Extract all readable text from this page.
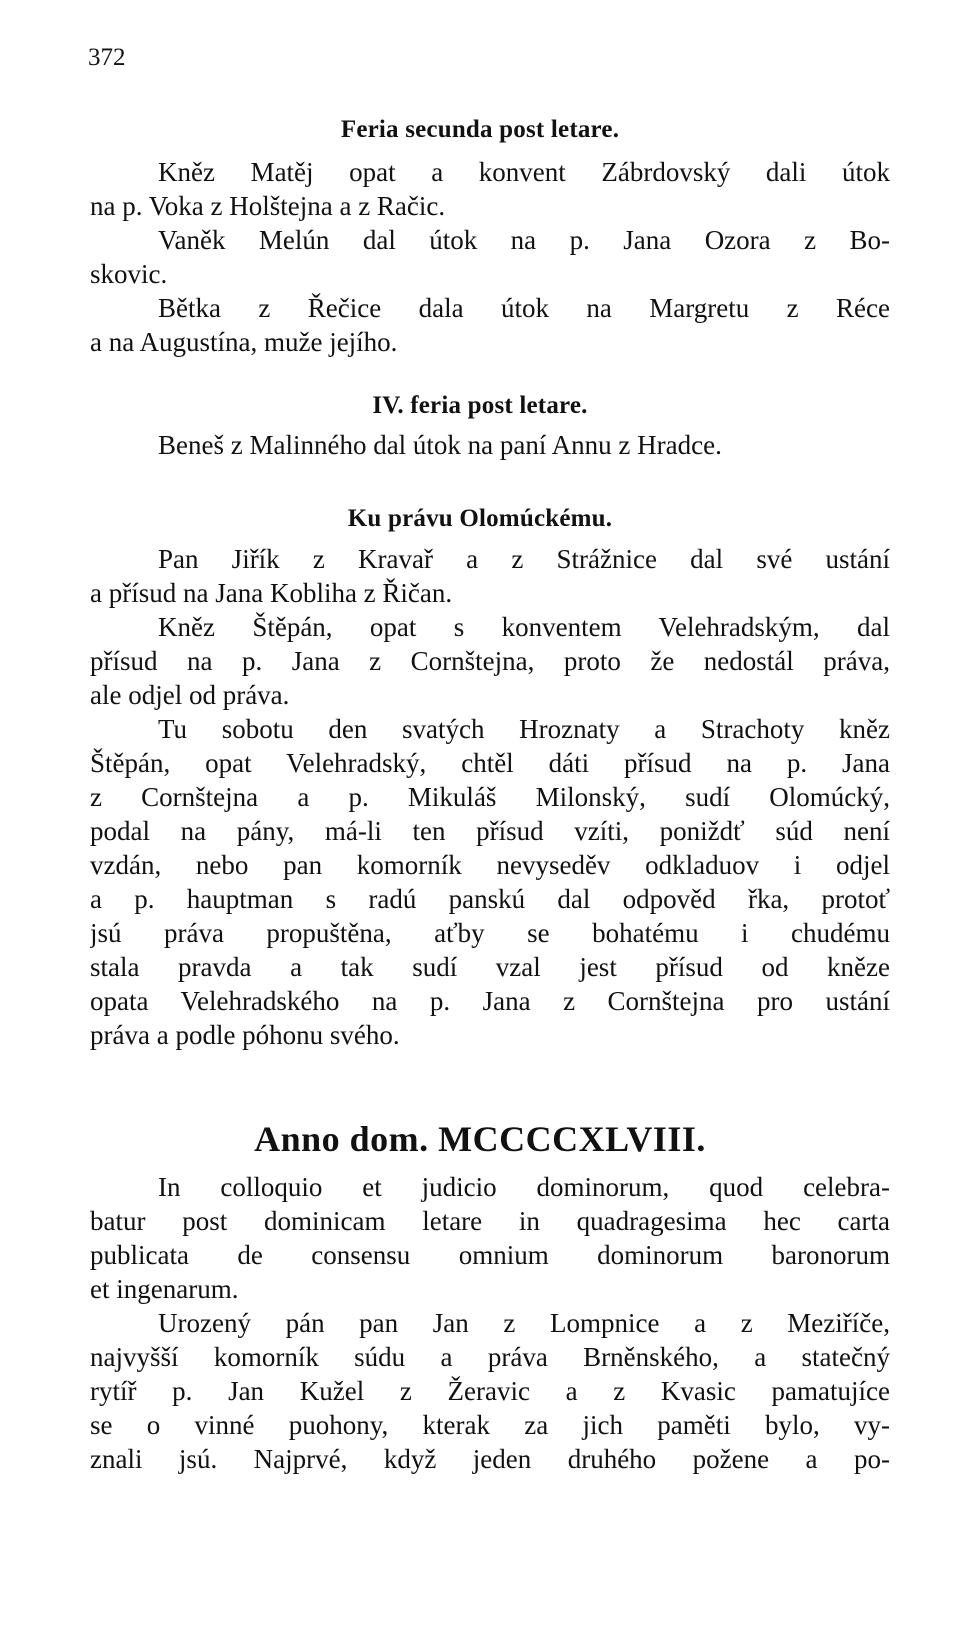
372
Feria secunda post letare.
Kněz Matěj opat a konvent Zábrdovský dali útok
na p. Voka z Holštejna a z Račic.
Vaněk Melún dal útok na p. Jana Ozora z Bo-
skovic.
Bětka z Řečice dala útok na Margretu z Réce
a na Augustína, muže jejího.
IV. feria post letare.
Beneš z Malinného dal útok na paní Annu z Hradce.
Ku právu Olomúckému.
Pan Jiřík z Kravař a z Strážnice dal své ustání
a přísud na Jana Kobliha z Řičan.
Kněz Štěpán, opat s konventem Velehradským, dal
přísud na p. Jana z Cornštejna, proto že nedostál práva,
ale odjel od práva.
Tu sobotu den svatých Hroznaty a Strachoty kněz
Štěpán, opat Velehradský, chtěl dáti přísud na p. Jana
z Cornštejna a p. Mikuláš Milonský, sudí Olomúcký,
podal na pány, má-li ten přísud vzíti, poniždť súd není
vzdán, nebo pan komorník nevyseděv odkladuov i odjel
a p. hauptman s radú panskú dal odpověd řka, protoť
jsú práva propuštěna, aťby se bohatému i chudému
stala pravda a tak sudí vzal jest přísud od kněze
opata Velehradského na p. Jana z Cornštejna pro ustání
práva a podle póhonu svého.
Anno dom. MCCCCXLVIII.
In colloquio et judicio dominorum, quod celebra-
batur post dominicam letare in quadragesima hec carta
publicata de consensu omnium dominorum baronorum
et ingenarum.
Urozený pán pan Jan z Lompnice a z Meziříče,
najvyšší komorník súdu a práva Brněnského, a statečný
rytíř p. Jan Kužel z Žeravic a z Kvasic pamatujíce
se o vinné puohony, kterak za jich paměti bylo, vy-
znali jsú. Najprvé, když jeden druhého požene a po-
